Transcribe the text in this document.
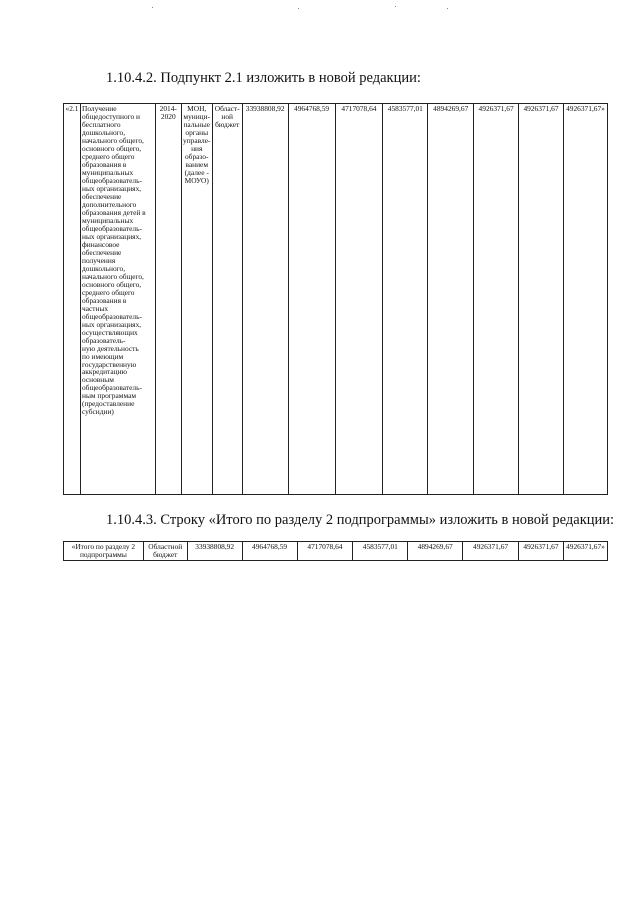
1.10.4.2. Подпункт 2.1 изложить в новой редакции:
«2.1	Получение
общедоступного и
бесплатного
дошкольного,
начального общего,
основного общего,
среднего общего
образования в
муниципальных
общеобразователь-
ных организациях,
обеспечение
дополнительного
образования детей в
муниципальных
общеобразователь-
ных организациях,
финансовое
обеспечение
получения
дошкольного,
начального общего,
основного общего,
среднего общего
образования в
частных
общеобразователь-
ных организациях,
осуществляющих
образователь-
ную деятельность
по имеющим
государственную
аккредитацию
основным
общеобразователь-
ным программам
(предоставление
субсидии)	2014-
2020	МОН,
муници-
пальные
органы
управле-
ния
образо-
ванием
(далее -
МОУО)	Област-
ной
бюджет	33938808,92	4964768,59	4717078,64	4583577,01	4894269,67	4926371,67	4926371,67	4926371,67»
1.10.4.3. Строку «Итого по разделу 2 подпрограммы» изложить в новой редакции:
«Итого по разделу 2
подпрограммы	Областной
бюджет	33938808,92	4964768,59	4717078,64	4583577,01	4894269,67	4926371,67	4926371,67	4926371,67»
